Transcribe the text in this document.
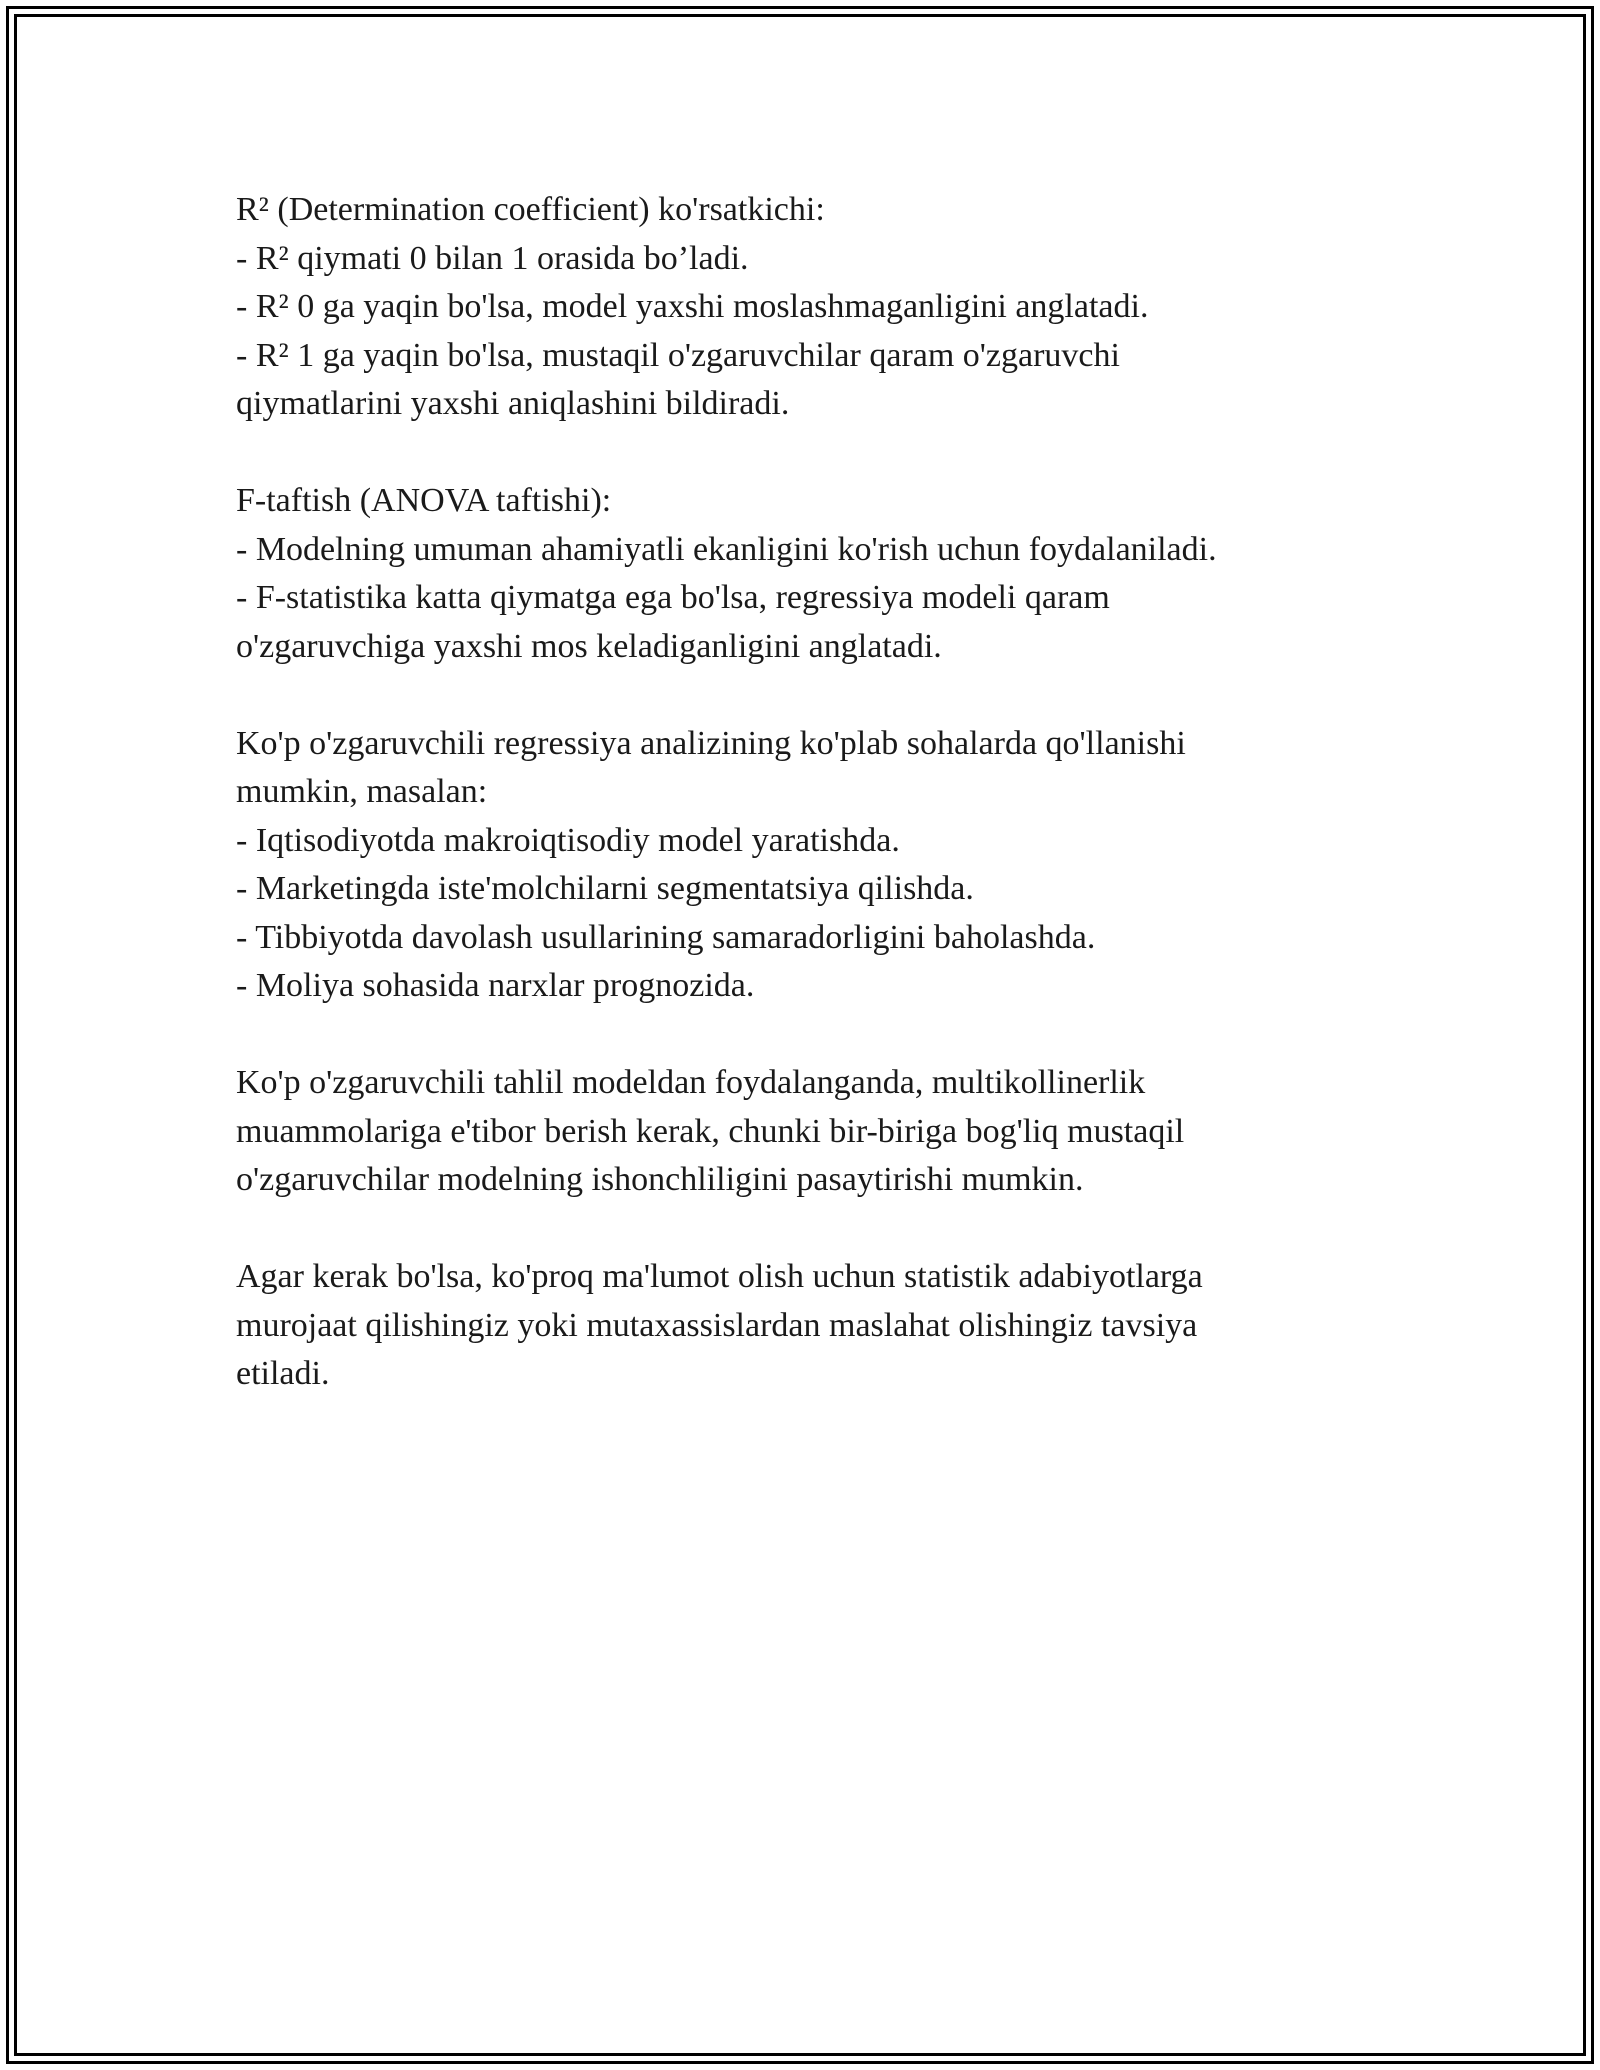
R² (Determination coefficient) ko'rsatkichi:
- R² qiymati 0 bilan 1 orasida bo’ladi.
- R² 0 ga yaqin bo'lsa, model yaxshi moslashmaganligini anglatadi.
- R² 1 ga yaqin bo'lsa, mustaqil o'zgaruvchilar qaram o'zgaruvchi
qiymatlarini yaxshi aniqlashini bildiradi.
F-taftish (ANOVA taftishi):
- Modelning umuman ahamiyatli ekanligini ko'rish uchun foydalaniladi.
- F-statistika katta qiymatga ega bo'lsa, regressiya modeli qaram
o'zgaruvchiga yaxshi mos keladiganligini anglatadi.
Ko'p o'zgaruvchili regressiya analizining ko'plab sohalarda qo'llanishi
mumkin, masalan:
- Iqtisodiyotda makroiqtisodiy model yaratishda.
- Marketingda iste'molchilarni segmentatsiya qilishda.
- Tibbiyotda davolash usullarining samaradorligini baholashda.
- Moliya sohasida narxlar prognozida.
Ko'p o'zgaruvchili tahlil modeldan foydalanganda, multikollinerlik
muammolariga e'tibor berish kerak, chunki bir-biriga bog'liq mustaqil
o'zgaruvchilar modelning ishonchliligini pasaytirishi mumkin.
Agar kerak bo'lsa, ko'proq ma'lumot olish uchun statistik adabiyotlarga
murojaat qilishingiz yoki mutaxassislardan maslahat olishingiz tavsiya
etiladi.
